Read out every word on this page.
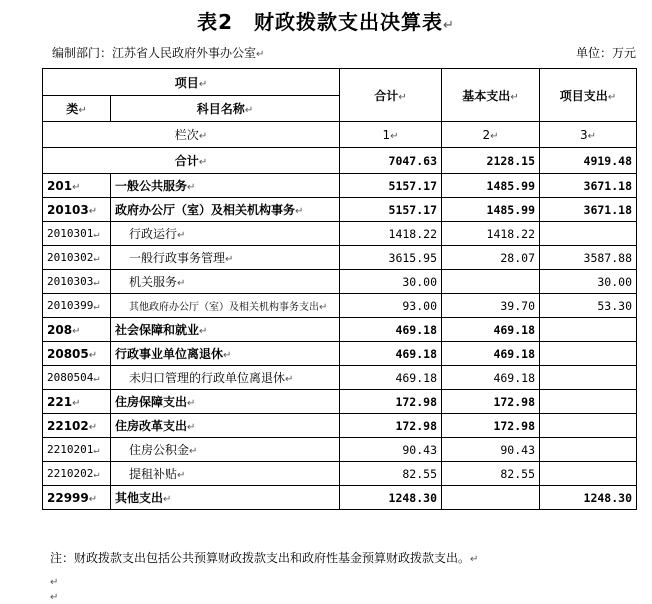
表2　财政拨款支出决算表↵
编制部门：江苏省人民政府外事办公室↵	单位：万元
项目↵		合计↵	基本支出↵	项目支出↵
类↵	科目名称↵			
栏次↵		1↵	2↵	3↵
合计↵		7047.63	2128.15	4919.48
201↵	一般公共服务↵	5157.17	1485.99	3671.18
20103↵	政府办公厅（室）及相关机构事务↵	5157.17	1485.99	3671.18
2010301↵	行政运行↵	1418.22	1418.22	
2010302↵	一般行政事务管理↵	3615.95	28.07	3587.88
2010303↵	机关服务↵	30.00		30.00
2010399↵	其他政府办公厅（室）及相关机构事务支出↵	93.00	39.70	53.30
208↵	社会保障和就业↵	469.18	469.18	
20805↵	行政事业单位离退休↵	469.18	469.18	
2080504↵	未归口管理的行政单位离退休↵	469.18	469.18	
221↵	住房保障支出↵	172.98	172.98	
22102↵	住房改革支出↵	172.98	172.98	
2210201↵	住房公积金↵	90.43	90.43	
2210202↵	提租补贴↵	82.55	82.55	
22999↵	其他支出↵	1248.30		1248.30
注：财政拨款支出包括公共预算财政拨款支出和政府性基金预算财政拨款支出。↵
↵
↵
